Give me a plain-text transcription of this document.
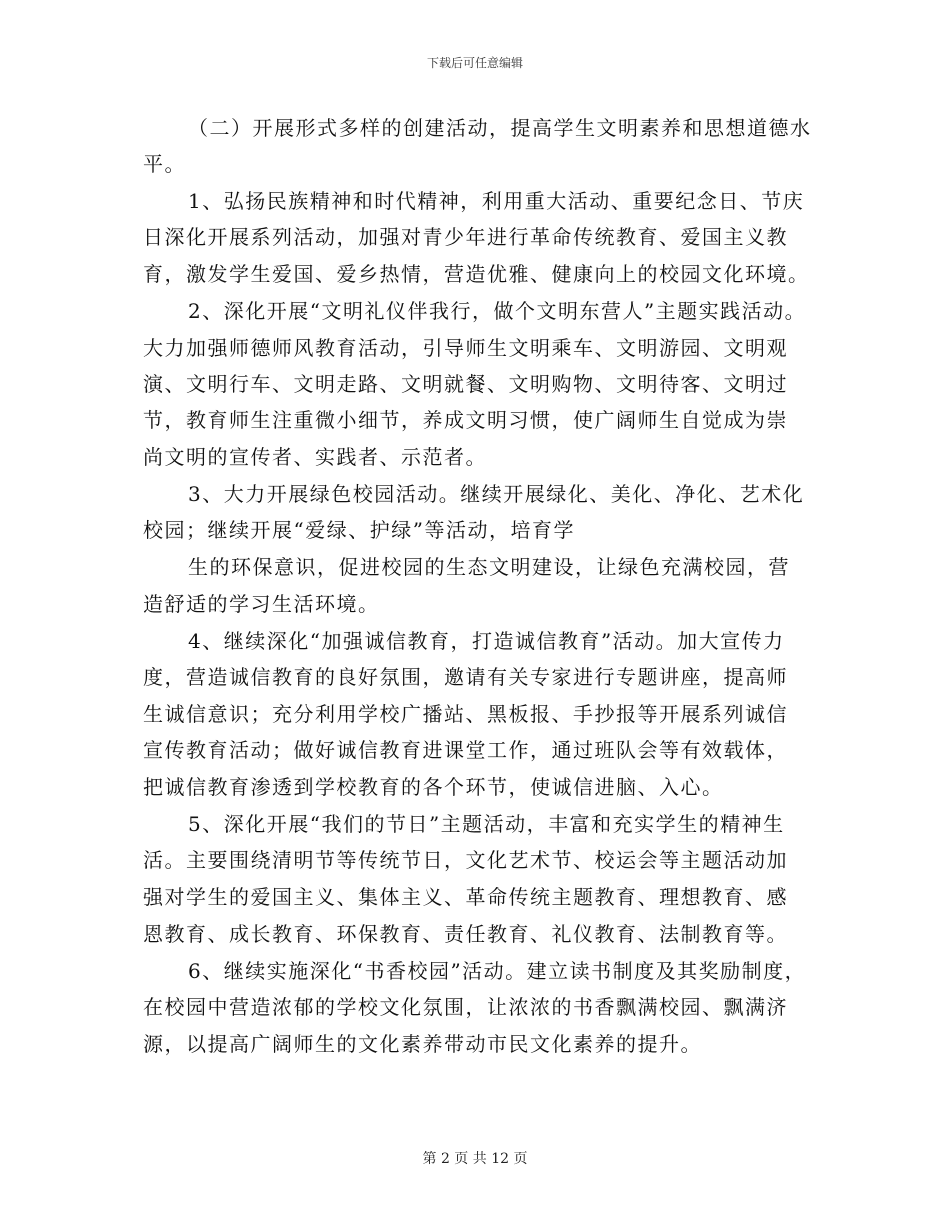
下载后可任意编辑
（二）开展形式多样的创建活动，提高学生文明素养和思想道德水
平。
1、弘扬民族精神和时代精神，利用重大活动、重要纪念日、节庆
日深化开展系列活动，加强对青少年进行革命传统教育、爱国主义教
育，激发学生爱国、爱乡热情，营造优雅、健康向上的校园文化环境。
2、深化开展“文明礼仪伴我行，做个文明东营人”主题实践活动。
大力加强师德师风教育活动，引导师生文明乘车、文明游园、文明观
演、文明行车、文明走路、文明就餐、文明购物、文明待客、文明过
节，教育师生注重微小细节，养成文明习惯，使广阔师生自觉成为崇
尚文明的宣传者、实践者、示范者。
3、大力开展绿色校园活动。继续开展绿化、美化、净化、艺术化
校园；继续开展“爱绿、护绿”等活动，培育学
生的环保意识，促进校园的生态文明建设，让绿色充满校园，营
造舒适的学习生活环境。
4、继续深化“加强诚信教育，打造诚信教育”活动。加大宣传力
度，营造诚信教育的良好氛围，邀请有关专家进行专题讲座，提高师
生诚信意识；充分利用学校广播站、黑板报、手抄报等开展系列诚信
宣传教育活动；做好诚信教育进课堂工作，通过班队会等有效载体，
把诚信教育渗透到学校教育的各个环节，使诚信进脑、入心。
5、深化开展“我们的节日”主题活动，丰富和充实学生的精神生
活。主要围绕清明节等传统节日，文化艺术节、校运会等主题活动加
强对学生的爱国主义、集体主义、革命传统主题教育、理想教育、感
恩教育、成长教育、环保教育、责任教育、礼仪教育、法制教育等。
6、继续实施深化“书香校园”活动。建立读书制度及其奖励制度，
在校园中营造浓郁的学校文化氛围，让浓浓的书香飘满校园、飘满济
源，以提高广阔师生的文化素养带动市民文化素养的提升。
第 2 页 共 12 页
